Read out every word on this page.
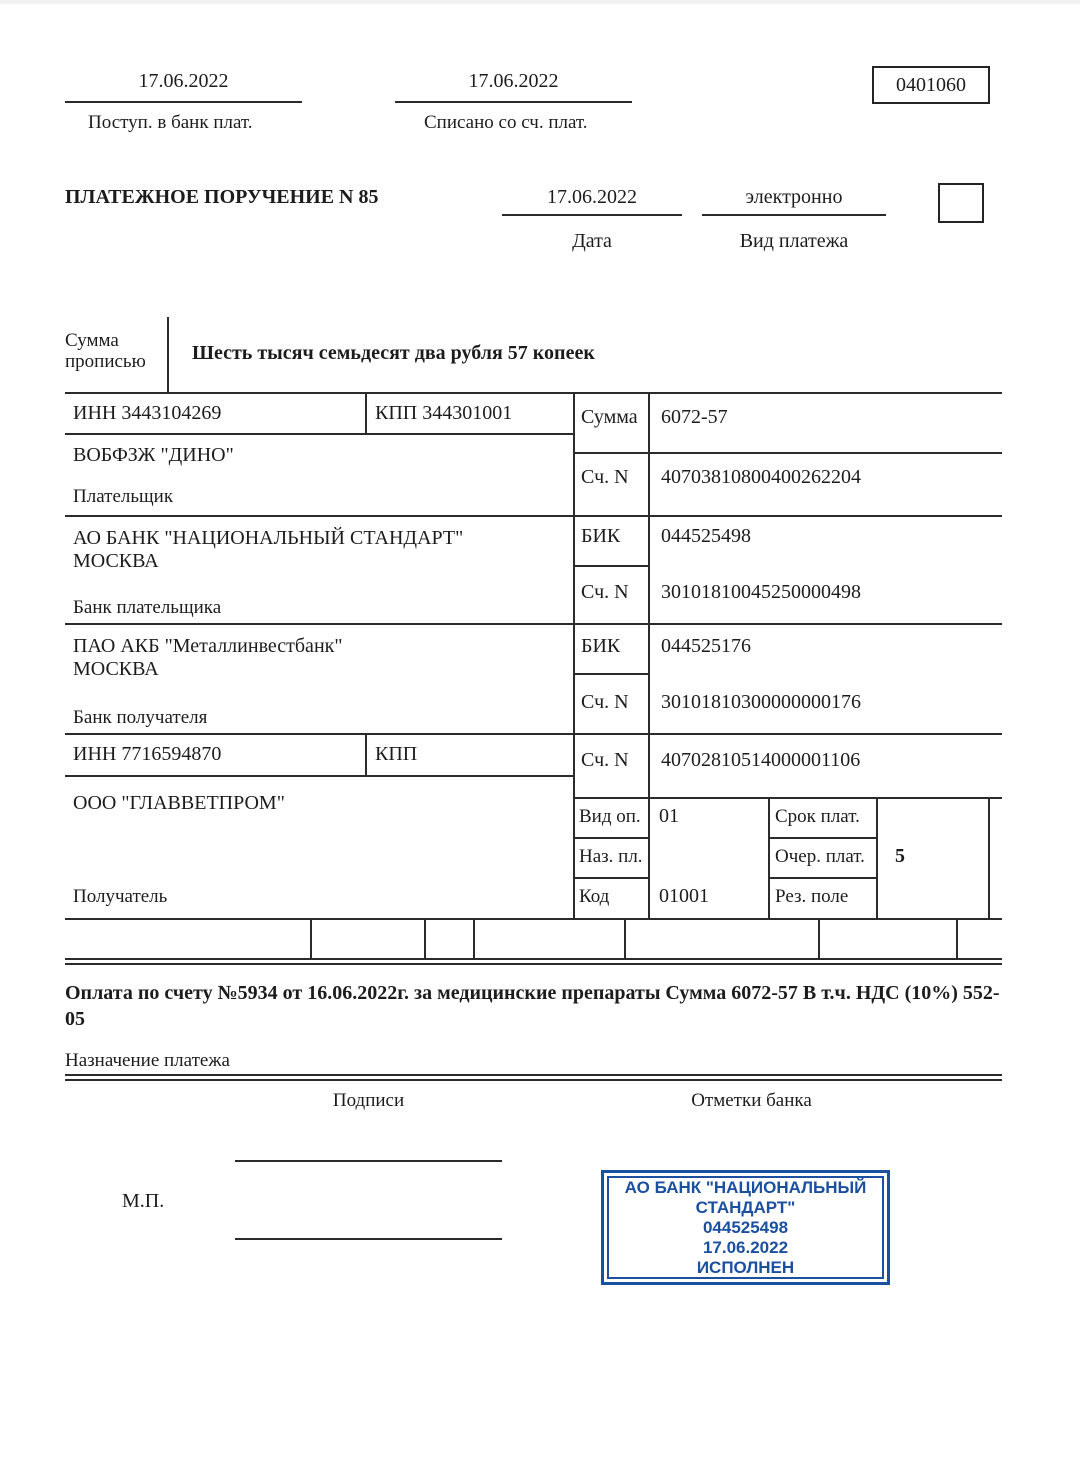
17.06.2022
Поступ. в банк плат.
17.06.2022
Списано со сч. плат.
0401060
ПЛАТЕЖНОЕ ПОРУЧЕНИЕ N 85	17.06.2022
Дата
электронно
Вид платежа
Сумма прописью	Шесть тысяч семьдесят два рубля 57 копеек
ИНН 3443104269	КПП 344301001
ВОБФЗЖ "ДИНО"
Плательщик
Сумма 6072-57
Сч. N 40703810800400262204
АО БАНК "НАЦИОНАЛЬНЫЙ СТАНДАРТ"
МОСКВА
Банк плательщика
БИК 044525498
Сч. N 30101810045250000498
ПАО АКБ "Металлинвестбанк"
МОСКВА
Банк получателя
БИК 044525176
Сч. N 30101810300000000176
ИНН 7716594870	КПП	Сч. N 40702810514000001106
ООО "ГЛАВВЕТПРОМ"
Получатель
Вид оп. 01	Срок плат.
Наз. пл.	Очер. плат. 5
Код 01001	Рез. поле
Оплата по счету №5934 от 16.06.2022г. за медицинские препараты Сумма 6072-57 В т.ч. НДС (10%) 552-05
Назначение платежа
Подписи	Отметки банка
М.П.
АО БАНК "НАЦИОНАЛЬНЫЙ СТАНДАРТ"
044525498
17.06.2022
ИСПОЛНЕН
